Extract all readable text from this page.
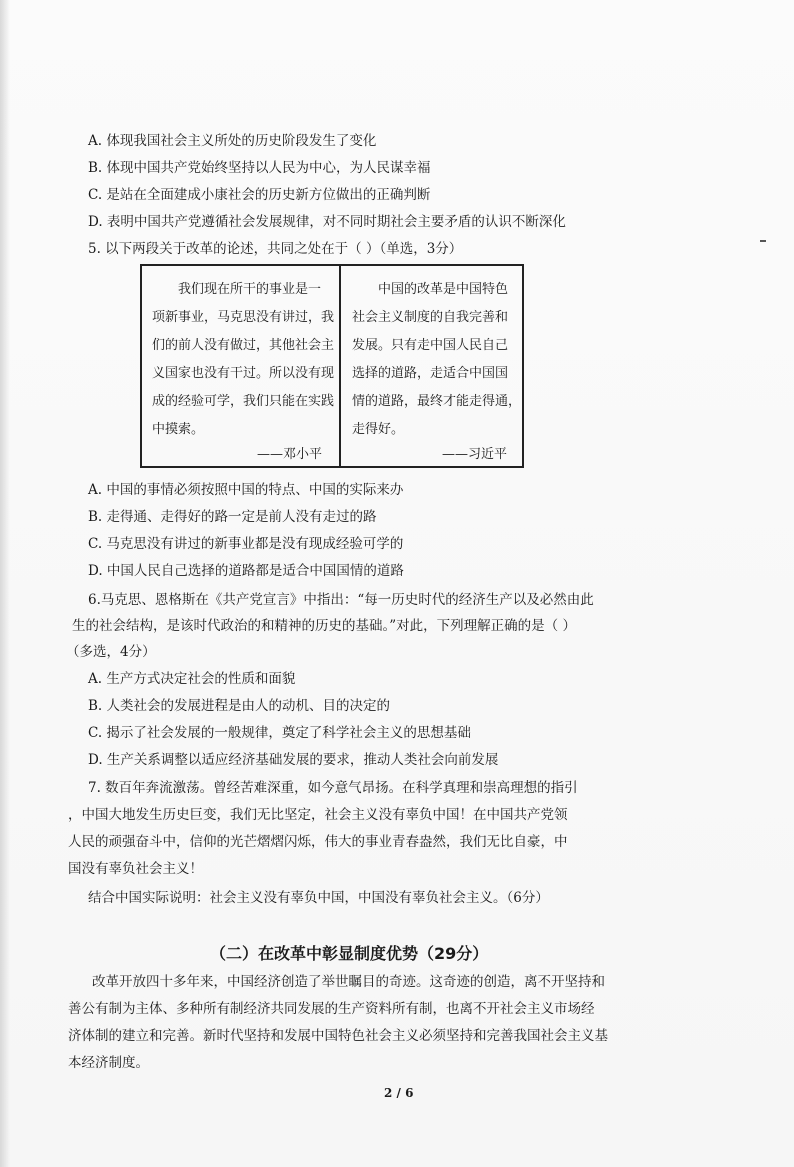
A. 体现我国社会主义所处的历史阶段发生了变化
B. 体现中国共产党始终坚持以人民为中心，为人民谋幸福
C. 是站在全面建成小康社会的历史新方位做出的正确判断
D. 表明中国共产党遵循社会发展规律，对不同时期社会主要矛盾的认识不断深化
5. 以下两段关于改革的论述，共同之处在于（ ）（单选，3分）

我们现在所干的事业是一

项新事业，马克思没有讲过，我

们的前人没有做过，其他社会主

义国家也没有干过。所以没有现

成的经验可学，我们只能在实践

中摸索。

——邓小平

中国的改革是中国特色

社会主义制度的自我完善和

发展。只有走中国人民自己

选择的道路，走适合中国国

情的道路，最终才能走得通，

走得好。

——习近平
A. 中国的事情必须按照中国的特点、中国的实际来办
B. 走得通、走得好的路一定是前人没有走过的路
C. 马克思没有讲过的新事业都是没有现成经验可学的
D. 中国人民自己选择的道路都是适合中国国情的道路
6.马克思、恩格斯在《共产党宣言》中指出：“每一历史时代的经济生产以及必然由此
生的社会结构，是该时代政治的和精神的历史的基础。”对此，下列理解正确的是（ ）
（多选，4分）
A. 生产方式决定社会的性质和面貌
B. 人类社会的发展进程是由人的动机、目的决定的
C. 揭示了社会发展的一般规律，奠定了科学社会主义的思想基础
D. 生产关系调整以适应经济基础发展的要求，推动人类社会向前发展
7. 数百年奔流激荡。曾经苦难深重，如今意气昂扬。在科学真理和崇高理想的指引
，中国大地发生历史巨变，我们无比坚定，社会主义没有辜负中国！在中国共产党领
人民的顽强奋斗中，信仰的光芒熠熠闪烁，伟大的事业青春盎然，我们无比自豪，中
国没有辜负社会主义！
结合中国实际说明：社会主义没有辜负中国，中国没有辜负社会主义。（6分）
（二）在改革中彰显制度优势（29分）
改革开放四十多年来，中国经济创造了举世瞩目的奇迹。这奇迹的创造，离不开坚持和
善公有制为主体、多种所有制经济共同发展的生产资料所有制，也离不开社会主义市场经
济体制的建立和完善。新时代坚持和发展中国特色社会主义必须坚持和完善我国社会主义基
本经济制度。
2 / 6
